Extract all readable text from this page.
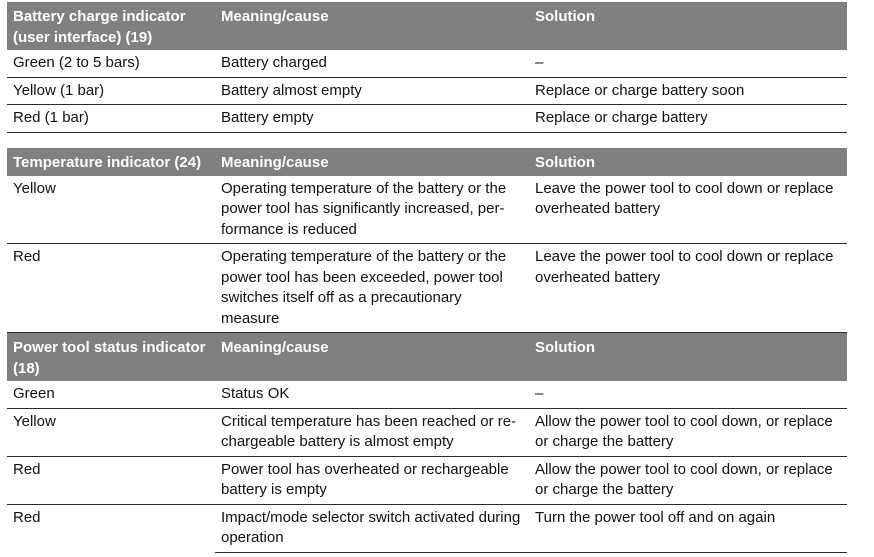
Battery charge indicator (user interface) (19)	Meaning/cause	Solution
Green (2 to 5 bars)	Battery charged	–
Yellow (1 bar)	Battery almost empty	Replace or charge battery soon
Red (1 bar)	Battery empty	Replace or charge battery
Temperature indicator (24)	Meaning/cause	Solution
Yellow	Operating temperature of the battery or the power tool has significantly increased, performance is reduced	Leave the power tool to cool down or replace overheated battery
Red	Operating temperature of the battery or the power tool has been exceeded, power tool switches itself off as a precautionary measure	Leave the power tool to cool down or replace overheated battery
Power tool status indicator (18)	Meaning/cause	Solution
Green	Status OK	–
Yellow	Critical temperature has been reached or rechargeable battery is almost empty	Allow the power tool to cool down, or replace or charge the battery
Red	Power tool has overheated or rechargeable battery is empty	Allow the power tool to cool down, or replace or charge the battery
Red	Impact/mode selector switch activated during operation	Turn the power tool off and on again
